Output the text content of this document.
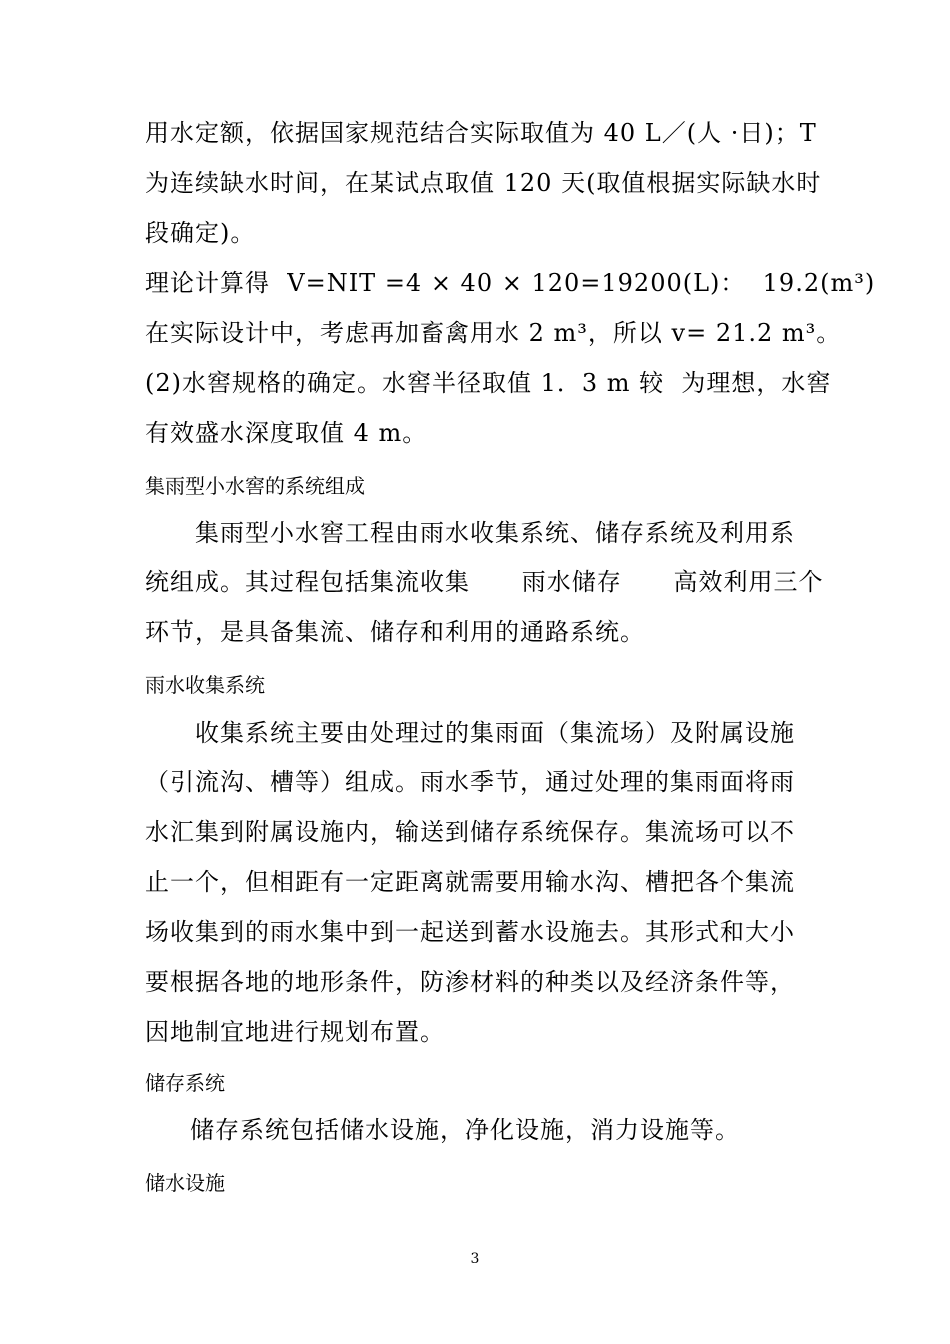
用水定额，依据国家规范结合实际取值为 40 L／(人 ·日)；T
为连续缺水时间，在某试点取值 120 天(取值根据实际缺水时
段确定)。
理论计算得  V=NIT =4 × 40 × 120=19200(L)：  19.2(m³)
在实际设计中，考虑再加畜禽用水 2 m³，所以 v= 21.2 m³。
(2)水窖规格的确定。水窖半径取值 1．3 m 较  为理想，水窖
有效盛水深度取值 4 m。
集雨型小水窖的系统组成
集雨型小水窖工程由雨水收集系统、储存系统及利用系
统组成。其过程包括集流收集      雨水储存      高效利用三个
环节，是具备集流、储存和利用的通路系统。
雨水收集系统
收集系统主要由处理过的集雨面（集流场）及附属设施
（引流沟、槽等）组成。雨水季节，通过处理的集雨面将雨
水汇集到附属设施内，输送到储存系统保存。集流场可以不
止一个，但相距有一定距离就需要用输水沟、槽把各个集流
场收集到的雨水集中到一起送到蓄水设施去。其形式和大小
要根据各地的地形条件，防渗材料的种类以及经济条件等，
因地制宜地进行规划布置。
储存系统
储存系统包括储水设施，净化设施，消力设施等。
储水设施
3
